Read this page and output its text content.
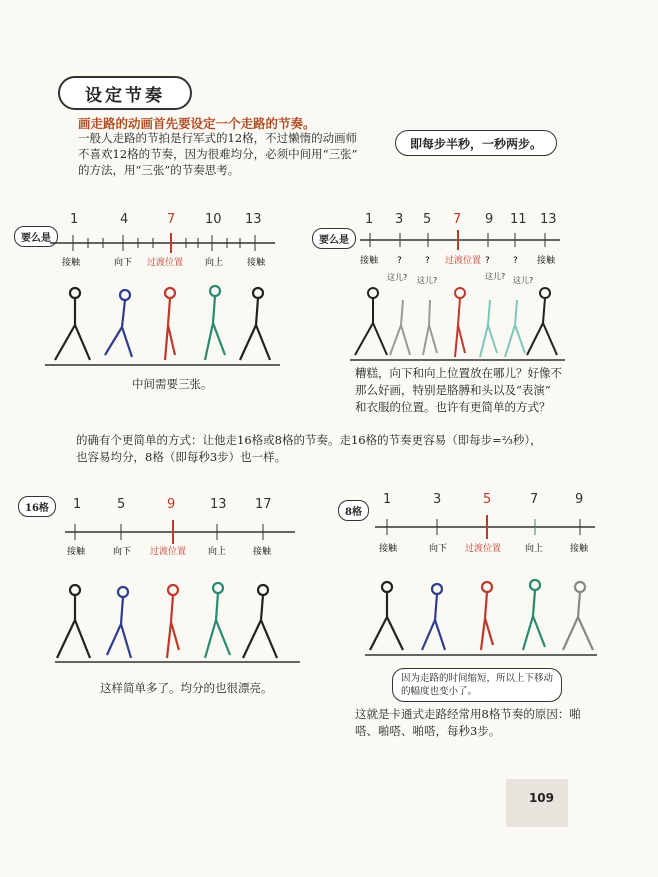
设定节奏
画走路的动画首先要设定一个走路的节奏。
一般人走路的节拍是行军式的12格，不过懒惰的动画师
不喜欢12格的节奏，因为很难均分，必须中间用“三张”
的方法，用“三张”的节奏思考。
即每步半秒，一秒两步。
要么是
1	4	7 10 13
接触	向下 过渡位置 向上	接触
中间需要三张。
要么是
1 3 5 7 9 11 13
接触 ?	? 过渡位置 ?	? 接触
这儿? 这儿?	这儿? 这儿?
糟糕，向下和向上位置放在哪儿？好像不
那么好画，特别是胳膊和头以及“表演”
和衣服的位置。也许有更简单的方式？
的确有个更简单的方式：让他走16格或8格的节奏。走16格的节奏更容易（即每步=⅔秒），
也容易均分，8格（即每秒3步）也一样。
16格	1	5	9	13 17
接触	向下 过渡位置 向上	接触
这样简单多了。均分的也很漂亮。
8格
1	3	5	7	9
接触	向下 过渡位置	向上	接触
因为走路的时间缩短，所以上下移动
的幅度也变小了。
这就是卡通式走路经常用8格节奏的原因：啪
嗒、啪嗒、啪嗒，每秒3步。
109
